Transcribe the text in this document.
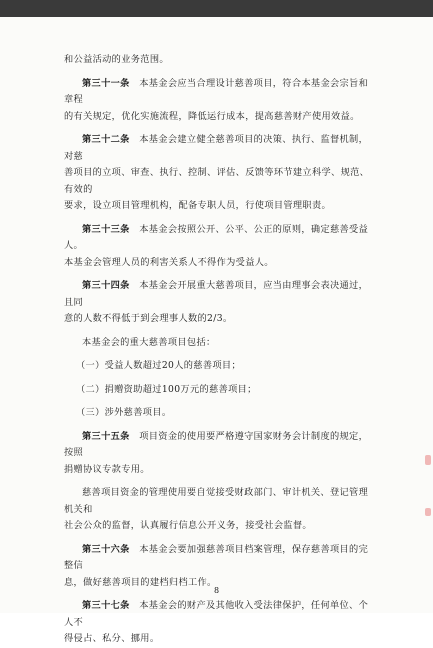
和公益活动的业务范围。

第三十一条　 本基金会应当合理设计慈善项目，符合本基金会宗旨和章程

的有关规定，优化实施流程，降低运行成本，提高慈善财产使用效益。

第三十二条　 本基金会建立健全慈善项目的决策、执行、监督机制，对慈

善项目的立项、审查、执行、控制、评估、反馈等环节建立科学、规范、有效的

要求，设立项目管理机构，配备专职人员，行使项目管理职责。

第三十三条　 本基金会按照公开、公平、公正的原则，确定慈善受益人。

本基金会管理人员的利害关系人不得作为受益人。

第三十四条　 本基金会开展重大慈善项目，应当由理事会表决通过，且同

意的人数不得低于到会理事人数的2/3。

本基金会的重大慈善项目包括：

（一）受益人数超过20人的慈善项目；

（二）捐赠资助超过100万元的慈善项目；

（三）涉外慈善项目。

第三十五条　 项目资金的使用要严格遵守国家财务会计制度的规定，按照

捐赠协议专款专用。

慈善项目资金的管理使用要自觉接受财政部门、审计机关、登记管理机关和

社会公众的监督，认真履行信息公开义务，接受社会监督。

第三十六条　 本基金会要加强慈善项目档案管理，保存慈善项目的完整信

息，做好慈善项目的建档归档工作。

第三十七条　 本基金会的财产及其他收入受法律保护，任何单位、个人不

得侵占、私分、挪用。

8
